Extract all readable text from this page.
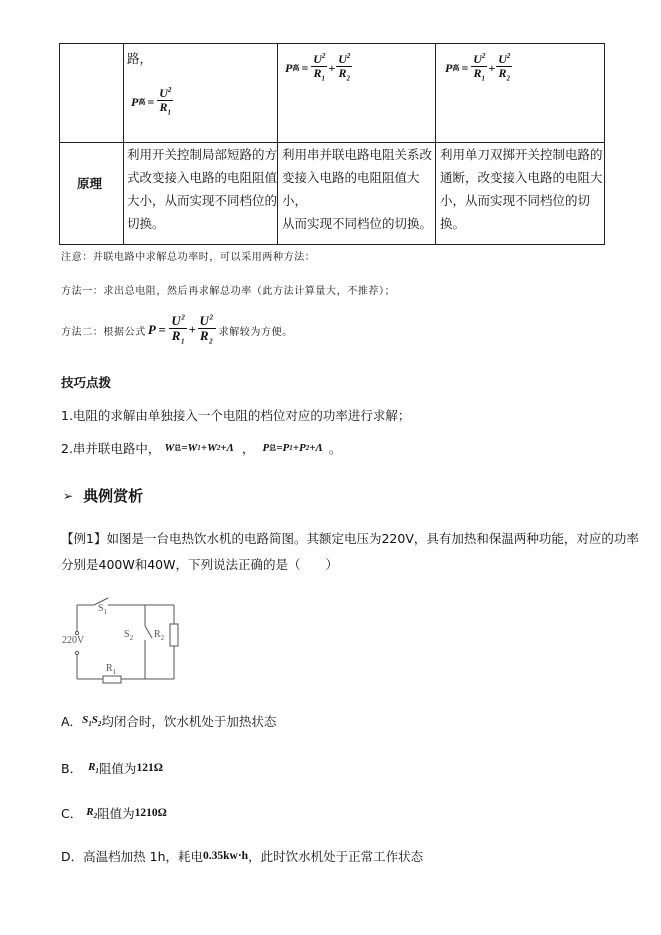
路，
P 高 = $\frac{U^2}{R_1}$
P 高 = $\frac{U^2}{R_1} + \frac{U^2}{R_2}$	P 高 = $\frac{U^2}{R_1} + \frac{U^2}{R_2}$
原理
利用开关控制局部短路的方
式改变接入电路的电阻阻值
大小，从而实现不同档位的
切换。
利用串并联电路电阻关系改
变接入电路的电阻阻值大小，
从而实现不同档位的切换。
利用单刀双掷开关控制电路的
通断，改变接入电路的电阻大
小，从而实现不同档位的切换。
注意：并联电路中求解总功率时，可以采用两种方法：
方法一：求出总电阻，然后再求解总功率（此方法计算量大，不推荐）；
方法二：根据公式 $P = \frac{U^2}{R_1} + \frac{U^2}{R_2}$ 求解较为方便。
技巧点拨
1.电阻的求解由单独接入一个电阻的档位对应的功率进行求解；
2.串并联电路中， W 总 = W 1 + W 2 + Λ ， P 总 = P 1 + P 2 + Λ 。
➢ 典例赏析
【例1】如图是一台电热饮水机的电路简图。其额定电压为220V，具有加热和保温两种功能，对应的功率
分别是400W和40W，下列说法正确的是（　　）
$S_1$
$S_2$ $R_2$
$R_1$
220V
A． $S_1S_2$ 均闭合时，饮水机处于加热状态
B． $R_1$ 阻值为 121Ω
C． $R_2$ 阻值为 1210Ω
D． 高温档加热 1h，耗电 0.35kw·h ，此时饮水机处于正常工作状态
